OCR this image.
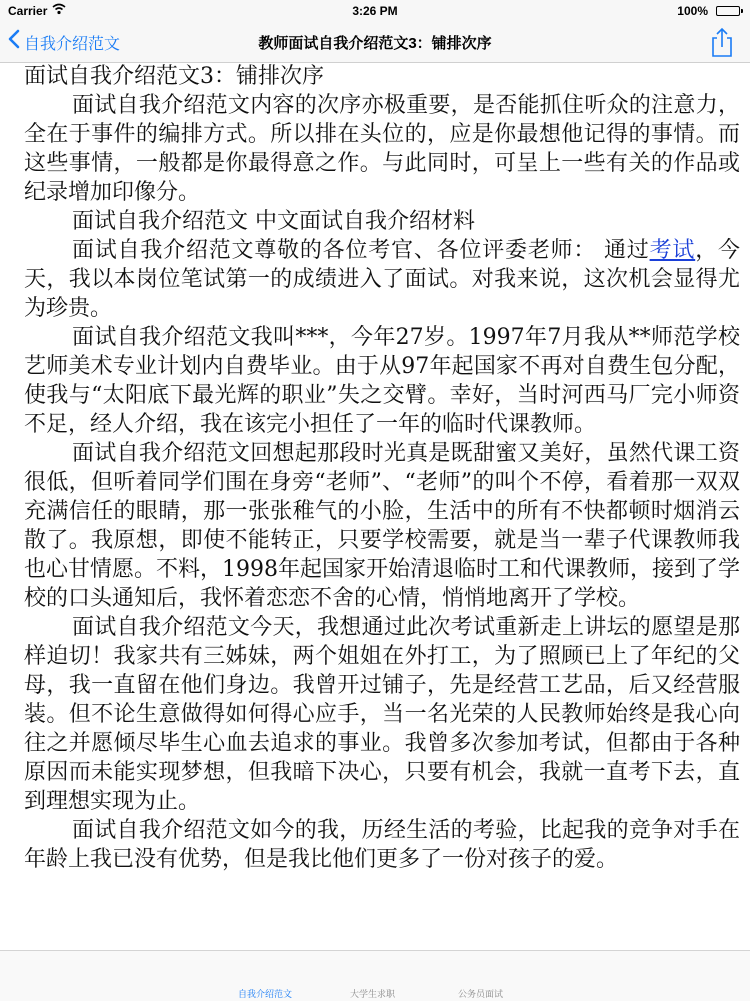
Carrier	3:26 PM	100%
自我介绍范文	教师面试自我介绍范文3：铺排次序

面试自我介绍范文3：铺排次序

面试自我介绍范文内容的次序亦极重要，是否能抓住听众的注意力，全在于事件的编排方式。所以排在头位的，应是你最想他记得的事情。而这些事情，一般都是你最得意之作。与此同时，可呈上一些有关的作品或纪录增加印像分。

面试自我介绍范文 中文面试自我介绍材料

面试自我介绍范文尊敬的各位考官、各位评委老师： 通过考试，今天，我以本岗位笔试第一的成绩进入了面试。对我来说，这次机会显得尤为珍贵。

面试自我介绍范文我叫***，今年27岁。1997年7月我从**师范学校艺师美术专业计划内自费毕业。由于从97年起国家不再对自费生包分配，使我与“太阳底下最光辉的职业”失之交臂。幸好，当时河西马厂完小师资不足，经人介绍，我在该完小担任了一年的临时代课教师。

面试自我介绍范文回想起那段时光真是既甜蜜又美好，虽然代课工资很低，但听着同学们围在身旁“老师”、“老师”的叫个不停，看着那一双双充满信任的眼睛，那一张张稚气的小脸，生活中的所有不快都顿时烟消云散了。我原想，即使不能转正，只要学校需要，就是当一辈子代课教师我也心甘情愿。不料，1998年起国家开始清退临时工和代课教师，接到了学校的口头通知后，我怀着恋恋不舍的心情，悄悄地离开了学校。

面试自我介绍范文今天，我想通过此次考试重新走上讲坛的愿望是那样迫切！我家共有三姊妹，两个姐姐在外打工，为了照顾已上了年纪的父母，我一直留在他们身边。我曾开过铺子，先是经营工艺品，后又经营服装。但不论生意做得如何得心应手，当一名光荣的人民教师始终是我心向往之并愿倾尽毕生心血去追求的事业。我曾多次参加考试，但都由于各种原因而未能实现梦想，但我暗下决心，只要有机会，我就一直考下去，直到理想实现为止。

面试自我介绍范文如今的我，历经生活的考验，比起我的竞争对手在年龄上我已没有优势，但是我比他们更多了一份对孩子的爱。

自我介绍范文	大学生求职	公务员面试
